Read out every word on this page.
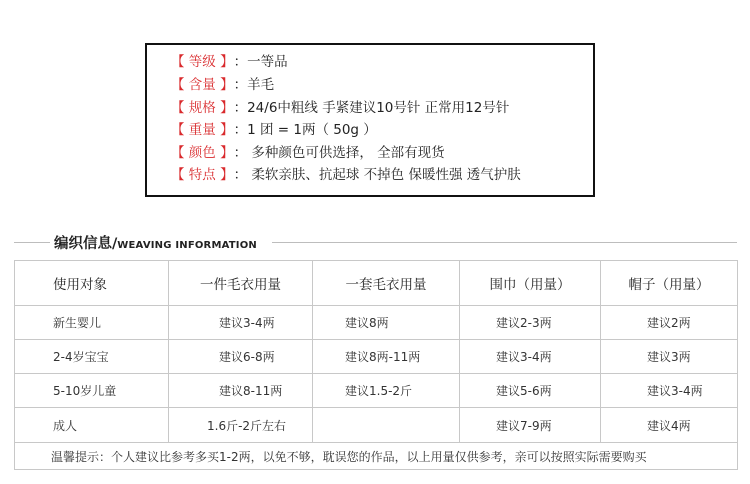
【 等级 】 ：一等品
【 含量 】 ：羊毛
【 规格 】 ：24/6中粗线 手紧建议10号针 正常用12号针
【 重量 】 ：1 团 = 1两（ 50g ）
【 颜色 】 ： 多种颜色可供选择， 全部有现货
【 特点 】 ： 柔软亲肤、抗起球 不掉色 保暖性强 透气护肤
编织信息/ WEAVING INFORMATION
使用对象	一件毛衣用量	一套毛衣用量	围巾（用量）	帽子（用量）
新生婴儿	建议3-4两	建议8两	建议2-3两	建议2两
2-4岁宝宝	建议6-8两	建议8两-11两	建议3-4两	建议3两
5-10岁儿童	建议8-11两	建议1.5-2斤	建议5-6两	建议3-4两
成人	1.6斤-2斤左右		建议7-9两	建议4两
温馨提示：个人建议比参考多买1-2两，以免不够，耽误您的作品，以上用量仅供参考，亲可以按照实际需要购买				
